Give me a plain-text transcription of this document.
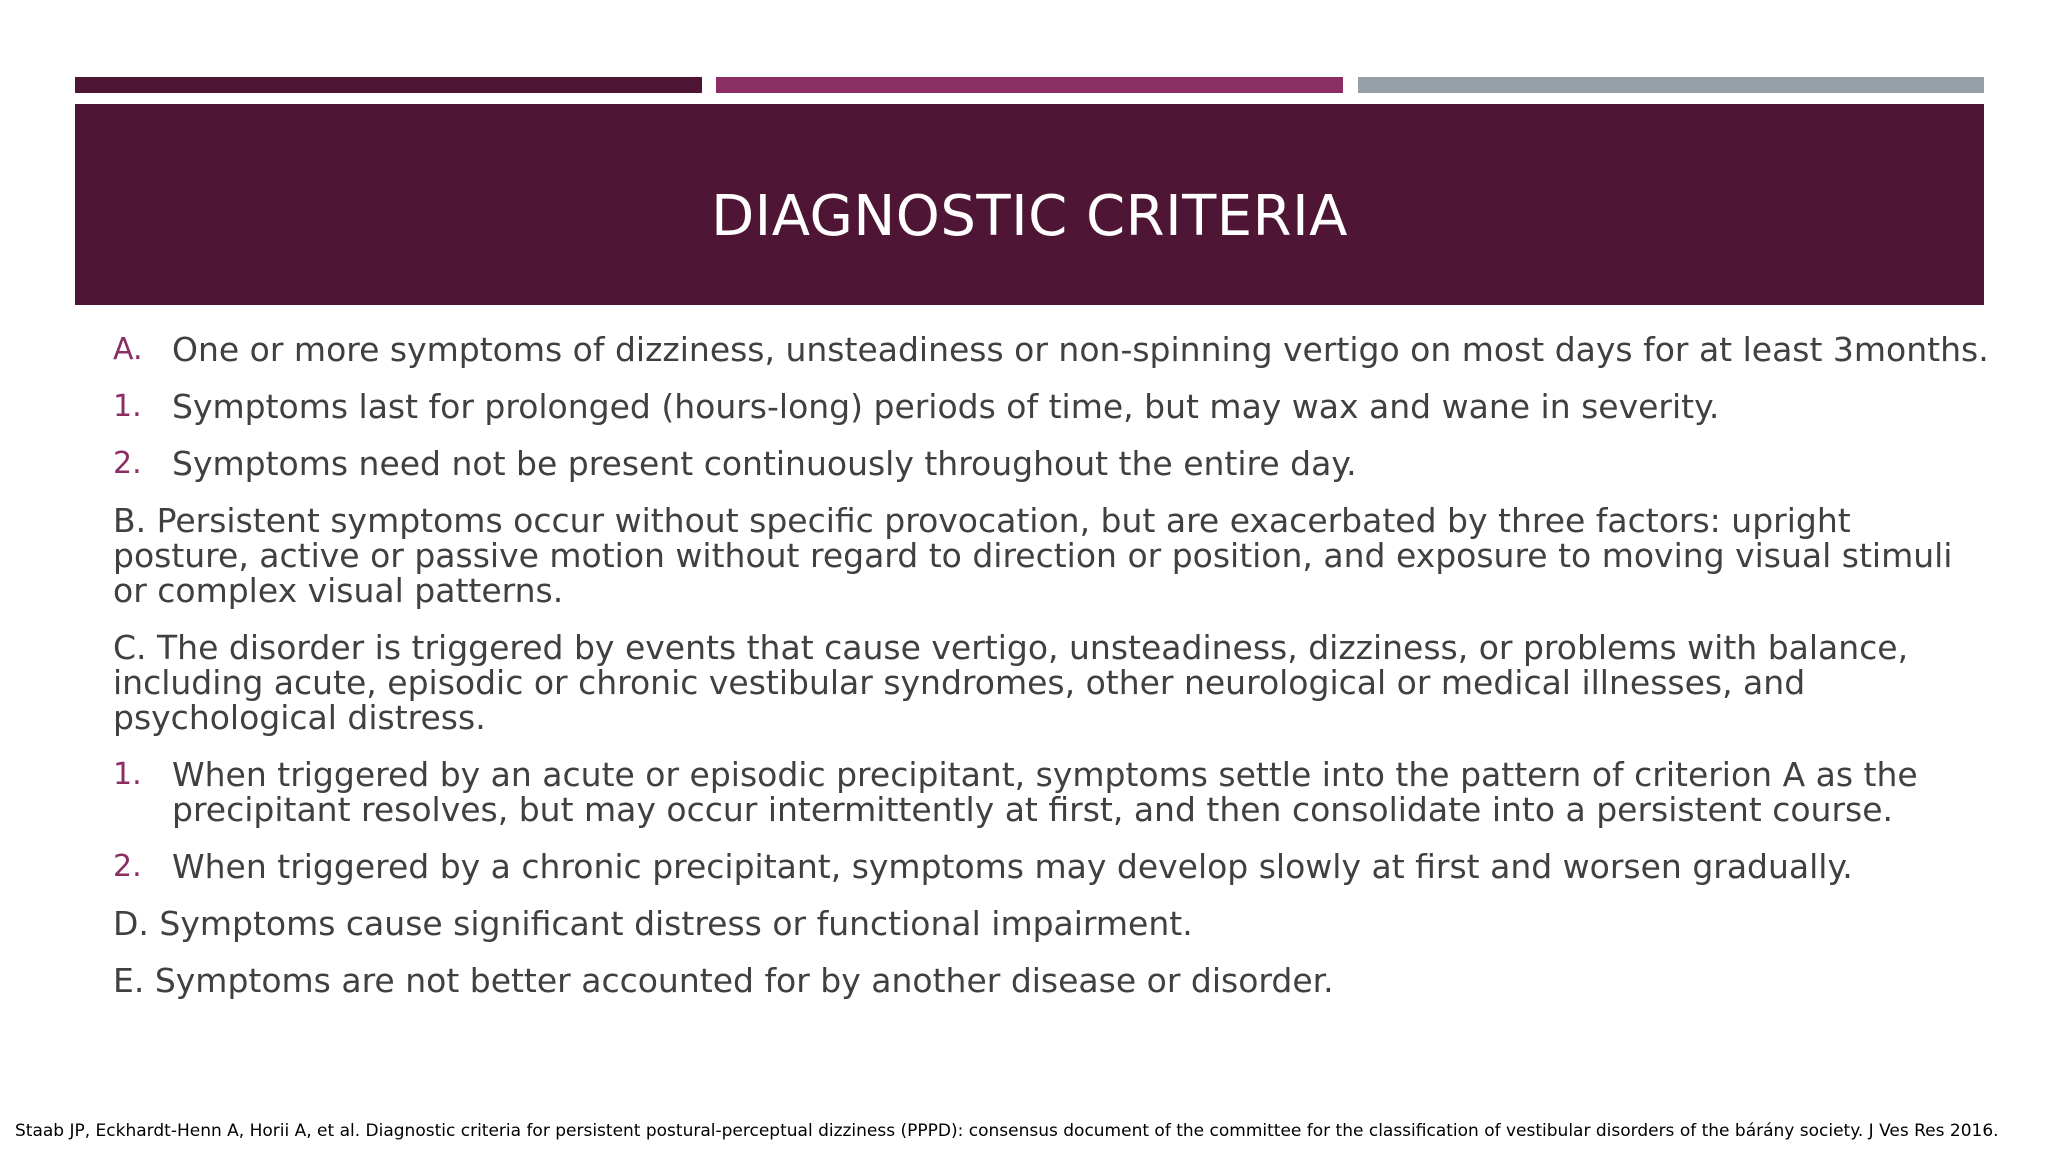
DIAGNOSTIC CRITERIA
A. One or more symptoms of dizziness, unsteadiness or non-spinning vertigo on most days for at least 3months.
1. Symptoms last for prolonged (hours-long) periods of time, but may wax and wane in severity.
2. Symptoms need not be present continuously throughout the entire day.
B. Persistent symptoms occur without specific provocation, but are exacerbated by three factors: upright posture, active or passive motion without regard to direction or position, and exposure to moving visual stimuli or complex visual patterns.
C. The disorder is triggered by events that cause vertigo, unsteadiness, dizziness, or problems with balance, including acute, episodic or chronic vestibular syndromes, other neurological or medical illnesses, and psychological distress.
1. When triggered by an acute or episodic precipitant, symptoms settle into the pattern of criterion A as the precipitant resolves, but may occur intermittently at first, and then consolidate into a persistent course.
2. When triggered by a chronic precipitant, symptoms may develop slowly at first and worsen gradually.
D. Symptoms cause significant distress or functional impairment.
E. Symptoms are not better accounted for by another disease or disorder.
Staab JP, Eckhardt-Henn A, Horii A, et al. Diagnostic criteria for persistent postural-perceptual dizziness (PPPD): consensus document of the committee for the classification of vestibular disorders of the bárány society. J Ves Res 2016.
